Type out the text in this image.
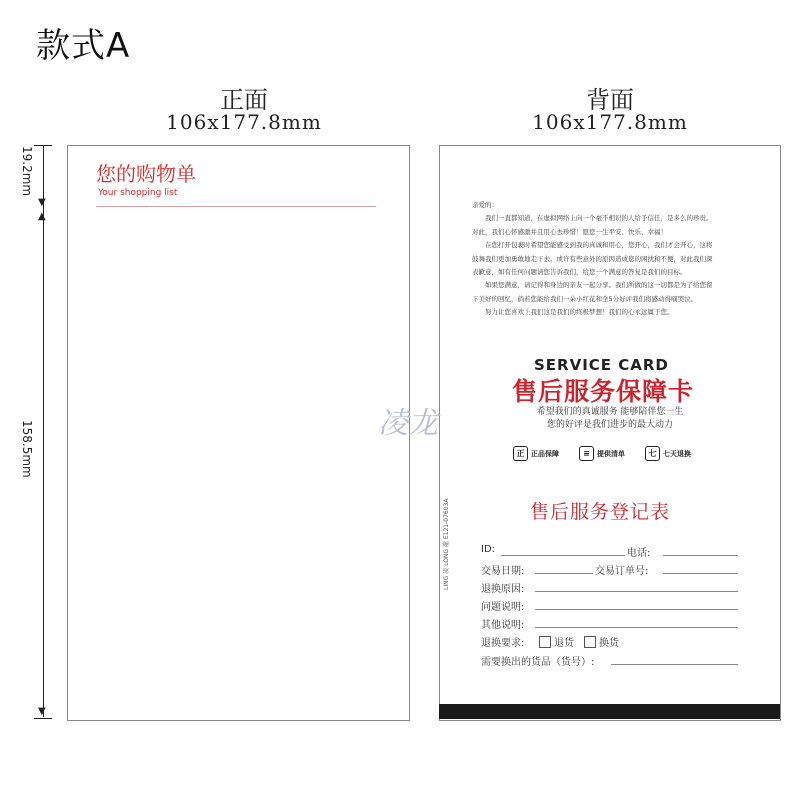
款式A
正面
106x177.8mm
背面
106x177.8mm
▼
▲
▼
19.2mm
158.5mm
您的购物单
Your shopping list
亲爱的：
　　我们一直都知道，在虚拟网络上向一个毫不相识的人给予信任，是多么的珍贵。
对此，我们心怀感激并且用心去珍惜！愿您一生平安、快乐、幸福！
　　在您打开包裹时希望您能感受到我的真诚和用心，您开心，我们才会开心，这将
鼓舞我们更加勇敢地走下去。或许有些意外的原因造成您的困扰和不便，对此我们深
表歉意，如有任何问题请您告诉我们，给您一个满意的答复是我们的目标。
　　如果您满意，请记得和身边的亲友一起分享。我们所做的这一切都是为了给您留
下美好的回忆，倘若您能给我们一朵小红花和全5分好评我们将感动得嘀哭泣。
　　努力让您喜欢上我们这是我们的终极梦想！我们的心永远属于您。
SERVICE CARD
售后服务保障卡
希望我们的真诚服务 能够陪伴您一生
您的好评是我们进步的最大动力
正 正品保障	≡	提供清单	七 七天退换
售后服务登记表
ID:	电话:
交易日期:	交易订单号:
退换原因:
问题说明:
其他说明:
退换要求:	退货	换货
需要换出的货品（货号）:
LING 凌 LONG 龍 E121-07603A
凌龙
